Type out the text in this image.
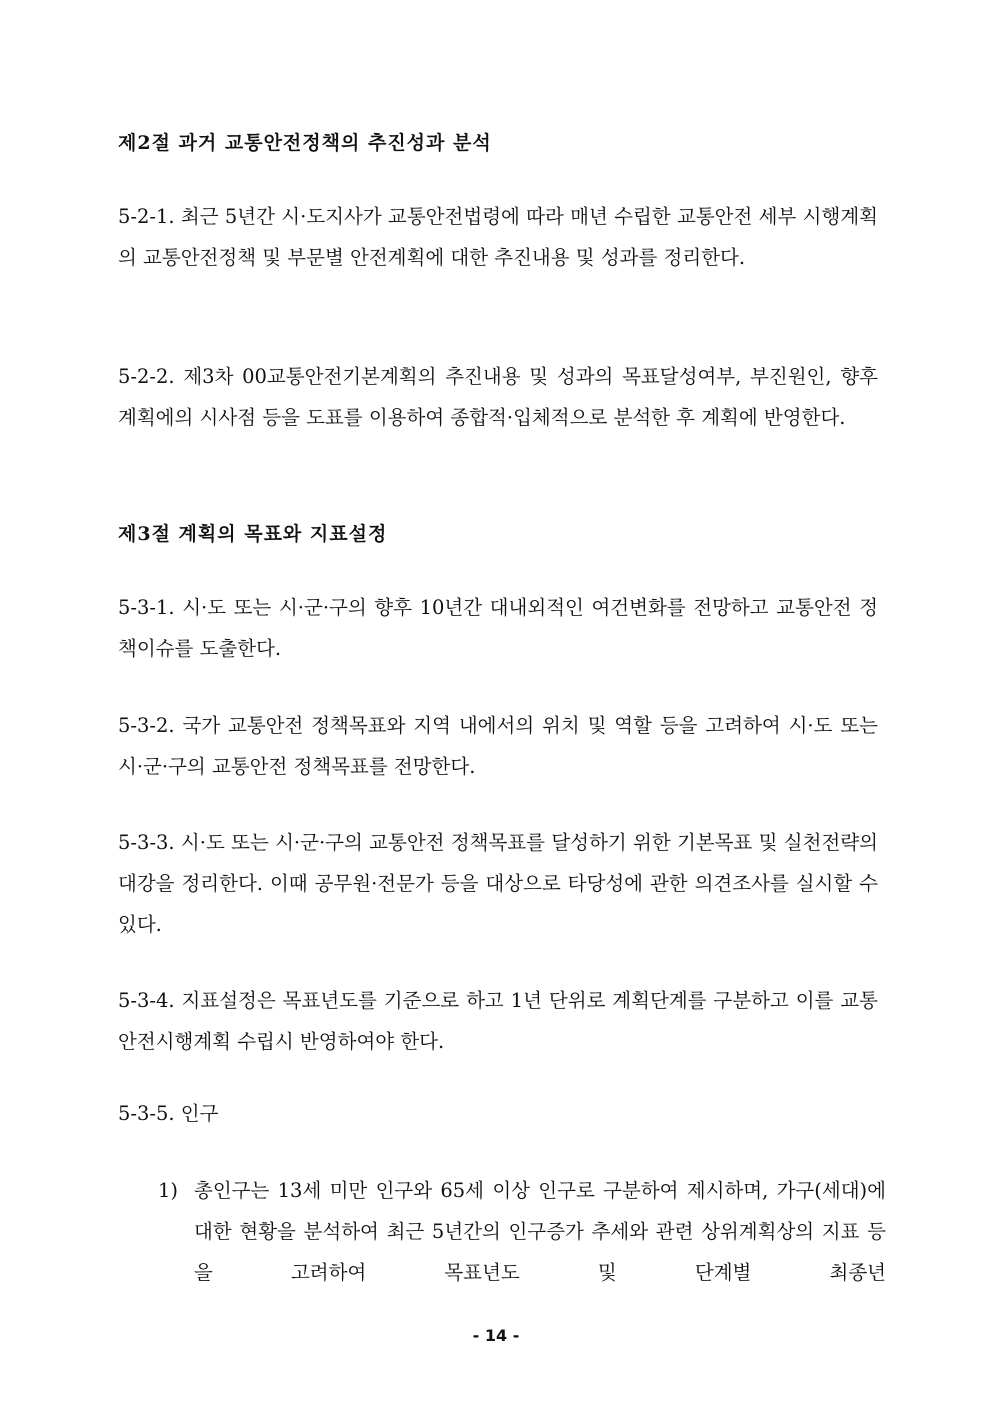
제2절 과거 교통안전정책의 추진성과 분석
5-2-1. 최근 5년간 시·도지사가 교통안전법령에 따라 매년 수립한 교통안전 세부 시행계획의 교통안전정책 및 부문별 안전계획에 대한 추진내용 및 성과를 정리한다.
5-2-2. 제3차 00교통안전기본계획의 추진내용 및 성과의 목표달성여부, 부진원인, 향후 계획에의 시사점 등을 도표를 이용하여 종합적·입체적으로 분석한 후 계획에 반영한다.
제3절 계획의 목표와 지표설정
5-3-1. 시·도 또는 시·군·구의 향후 10년간 대내외적인 여건변화를 전망하고 교통안전 정책이슈를 도출한다.
5-3-2. 국가 교통안전 정책목표와 지역 내에서의 위치 및 역할 등을 고려하여 시·도 또는 시·군·구의 교통안전 정책목표를 전망한다.
5-3-3. 시·도 또는 시·군·구의 교통안전 정책목표를 달성하기 위한 기본목표 및 실천전략의 대강을 정리한다. 이때 공무원·전문가 등을 대상으로 타당성에 관한 의견조사를 실시할 수 있다.
5-3-4. 지표설정은 목표년도를 기준으로 하고 1년 단위로 계획단계를 구분하고 이를 교통안전시행계획 수립시 반영하여야 한다.
5-3-5. 인구
1) 총인구는 13세 미만 인구와 65세 이상 인구로 구분하여 제시하며, 가구(세대)에 대한 현황을 분석하여 최근 5년간의 인구증가 추세와 관련 상위계획상의 지표 등을 고려하여 목표년도 및 단계별 최종년
- 14 -
